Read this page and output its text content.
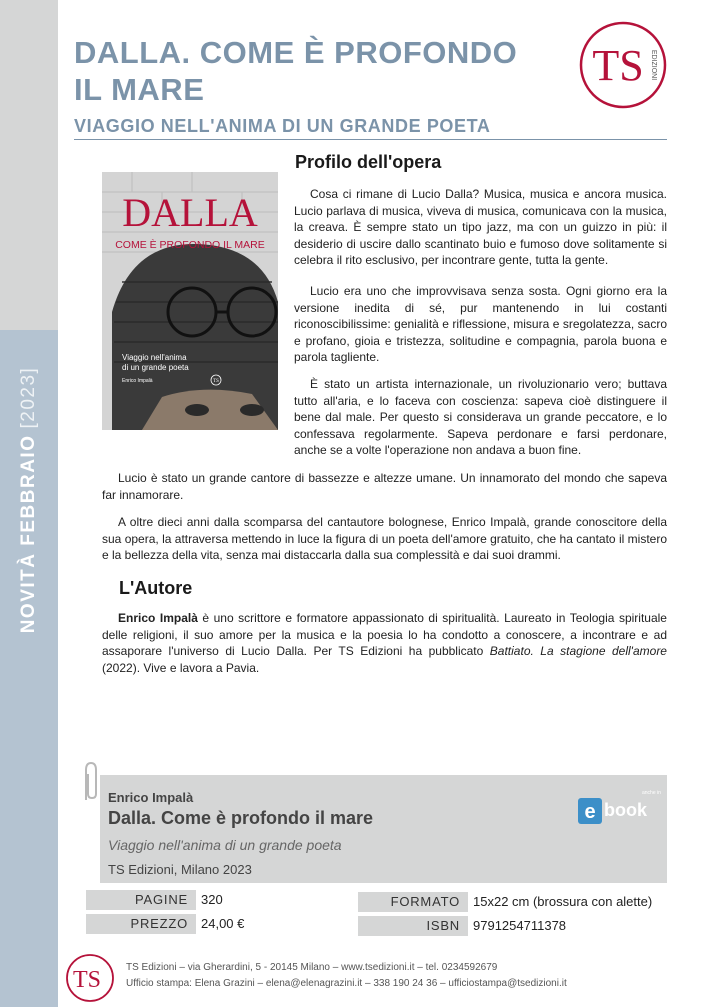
NOVITÀ FEBBRAIO[2023]
DALLA. COME È PROFONDO IL MARE
VIAGGIO NELL'ANIMA DI UN GRANDE POETA
TS EDIZIONI
DALLA
COME È PROFONDO IL MARE
Viaggio nell'anima
di un grande poeta
Enrico Impalà	TS
Profilo dell'opera
Cosa ci rimane di Lucio Dalla? Musica, musica e ancora musica. Lucio parlava di musica, viveva di musica, comunicava con la musica, la creava. È sempre stato un tipo jazz, ma con un guizzo in più: il desiderio di uscire dallo scantinato buio e fumoso dove solitamente si celebra il rito esclusivo, per incontrare gente, tutta la gente.
Lucio era uno che improvvisava senza sosta. Ogni giorno era la versione inedita di sé, pur mantenendo in lui costanti riconoscibilissime: genialità e riflessione, misura e sregolatezza, sacro e profano, gioia e tristezza, solitudine e compagnia, parola buona e parola tagliente.
È stato un artista internazionale, un rivoluzionario vero; buttava tutto all'aria, e lo faceva con coscienza: sapeva cioè distinguere il bene dal male. Per questo si considerava un grande peccatore, e lo confessava regolarmente. Sapeva perdonare e farsi perdonare, anche se a volte l'operazione non andava a buon fine.
Lucio è stato un grande cantore di bassezze e altezze umane. Un innamorato del mondo che sapeva far innamorare.
A oltre dieci anni dalla scomparsa del cantautore bolognese, Enrico Impalà, grande conoscitore della sua opera, la attraversa mettendo in luce la figura di un poeta dell'amore gratuito, che ha cantato il mistero e la bellezza della vita, senza mai distaccarla dalla sua complessità e dai suoi drammi.
L'Autore
Enrico Impalà è uno scrittore e formatore appassionato di spiritualità. Laureato in Teologia spirituale delle religioni, il suo amore per la musica e la poesia lo ha condotto a conoscere, a incontrare e ad assaporare l'universo di Lucio Dalla. Per TS Edizioni ha pubblicato Battiato. La stagione dell'amore (2022). Vive e lavora a Pavia.
Enrico Impalà
Dalla. Come è profondo il mare
Viaggio nell'anima di un grande poeta
TS Edizioni, Milano 2023
anche in
e book
PAGINE	320
PREZZO	24,00 €
FORMATO	15x22 cm (brossura con alette)
ISBN	9791254711378
TS TS Edizioni – via Gherardini, 5 - 20145 Milano – www.tsedizioni.it – tel. 0234592679
Ufficio stampa: Elena Grazini – elena@elenagrazini.it – 338 190 24 36 – ufficiostampa@tsedizioni.it
